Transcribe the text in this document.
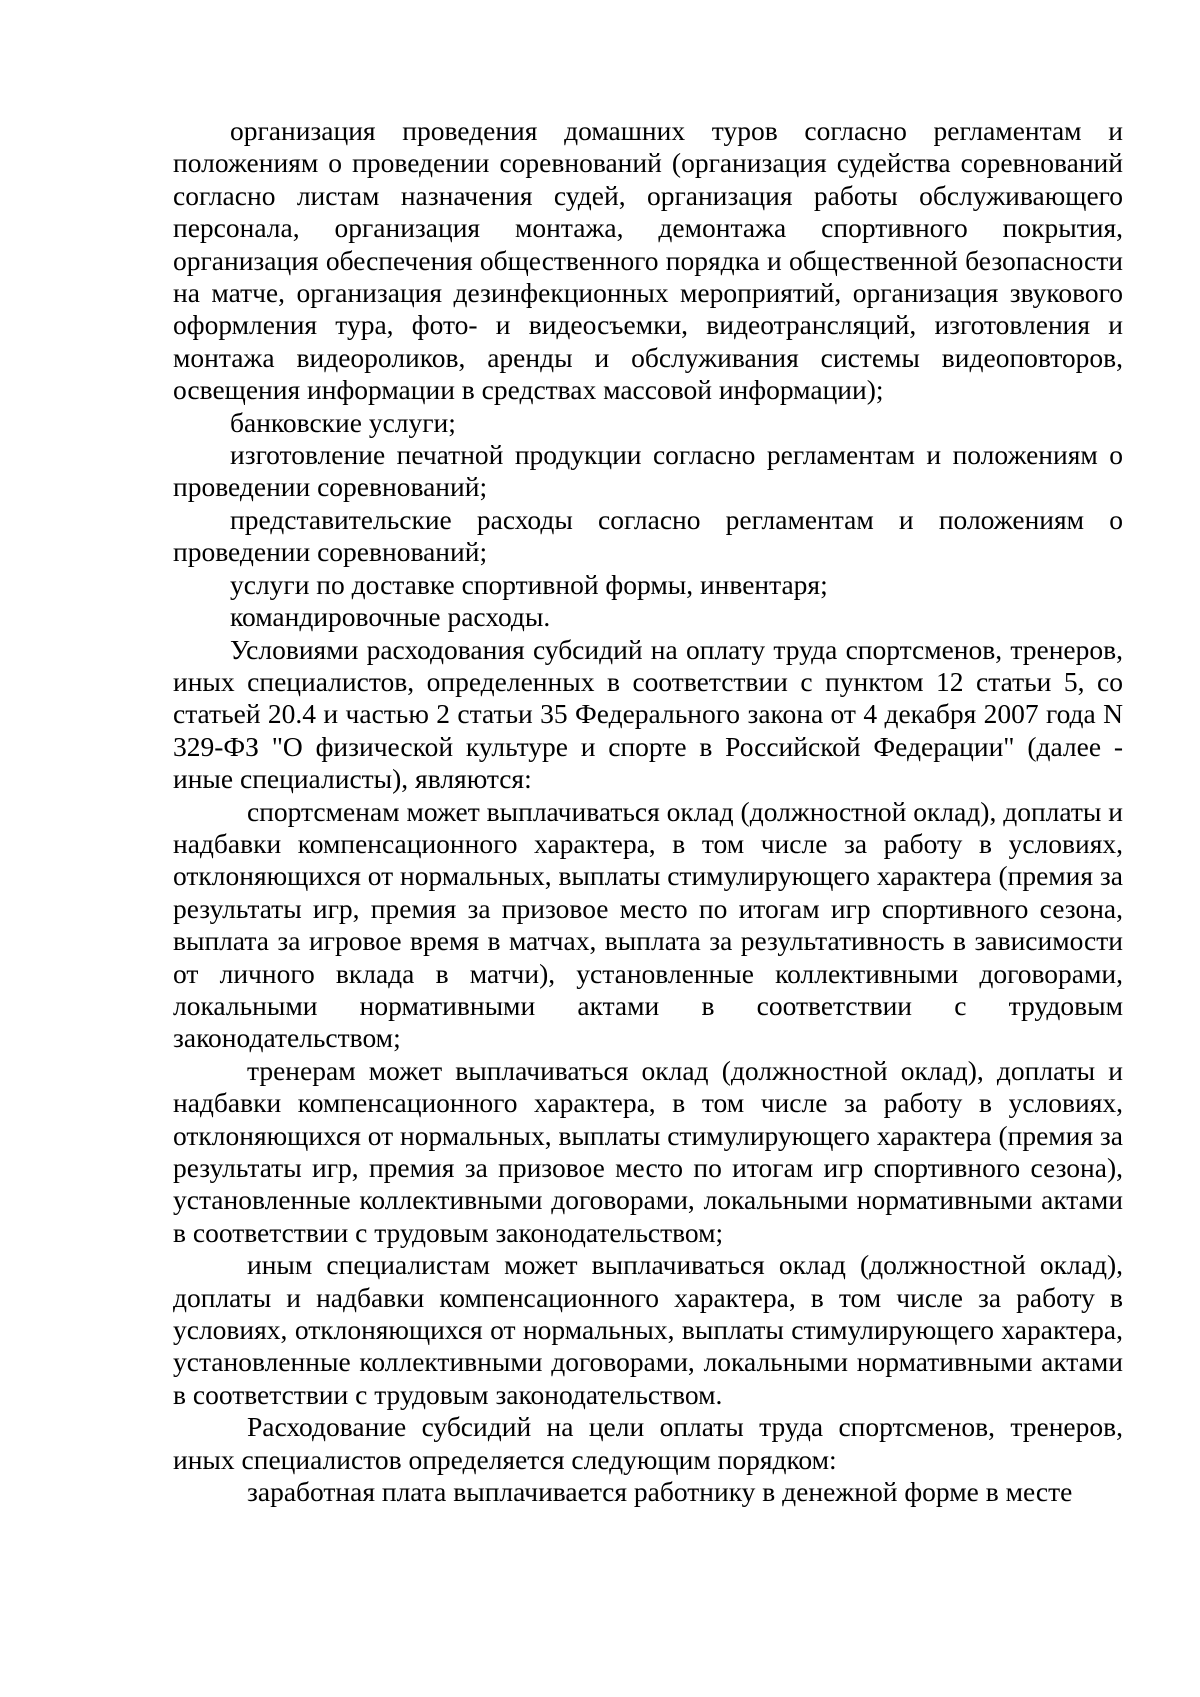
организация проведения домашних туров согласно регламентам и положениям о проведении соревнований (организация судейства соревнований согласно листам назначения судей, организация работы обслуживающего персонала, организация монтажа, демонтажа спортивного покрытия, организация обеспечения общественного порядка и общественной безопасности на матче, организация дезинфекционных мероприятий, организация звукового оформления тура, фото- и видеосъемки, видеотрансляций, изготовления и монтажа видеороликов, аренды и обслуживания системы видеоповторов, освещения информации в средствах массовой информации);

банковские услуги;

изготовление печатной продукции согласно регламентам и положениям о проведении соревнований;

представительские расходы согласно регламентам и положениям о проведении соревнований;

услуги по доставке спортивной формы, инвентаря;

командировочные расходы.

Условиями расходования субсидий на оплату труда спортсменов, тренеров, иных специалистов, определенных в соответствии с пунктом 12 статьи 5, со статьей 20.4 и частью 2 статьи 35 Федерального закона от 4 декабря 2007 года N 329-ФЗ "О физической культуре и спорте в Российской Федерации" (далее - иные специалисты), являются:

спортсменам может выплачиваться оклад (должностной оклад), доплаты и надбавки компенсационного характера, в том числе за работу в условиях, отклоняющихся от нормальных, выплаты стимулирующего характера (премия за результаты игр, премия за призовое место по итогам игр спортивного сезона, выплата за игровое время в матчах, выплата за результативность в зависимости от личного вклада в матчи), установленные коллективными договорами, локальными нормативными актами в соответствии с трудовым законодательством;

тренерам может выплачиваться оклад (должностной оклад), доплаты и надбавки компенсационного характера, в том числе за работу в условиях, отклоняющихся от нормальных, выплаты стимулирующего характера (премия за результаты игр, премия за призовое место по итогам игр спортивного сезона), установленные коллективными договорами, локальными нормативными актами в соответствии с трудовым законодательством;

иным специалистам может выплачиваться оклад (должностной оклад), доплаты и надбавки компенсационного характера, в том числе за работу в условиях, отклоняющихся от нормальных, выплаты стимулирующего характера, установленные коллективными договорами, локальными нормативными актами в соответствии с трудовым законодательством.

Расходование субсидий на цели оплаты труда спортсменов, тренеров, иных специалистов определяется следующим порядком:

заработная плата выплачивается работнику в денежной форме в месте
